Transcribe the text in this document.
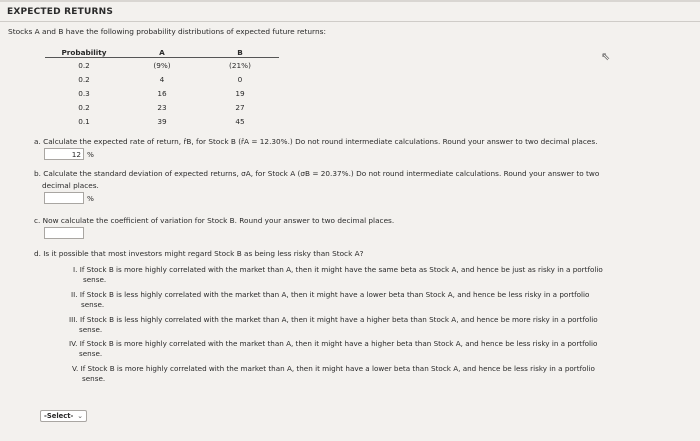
EXPECTED RETURNS
Stocks A and B have the following probability distributions of expected future returns:
Probability	A	B
0.2	(9%)	(21%)
0.2	4	0
0.3	16	19
0.2	23	27
0.1	39	45
⇖
a. Calculate the expected rate of return, r̂B, for Stock B (r̂A = 12.30%.) Do not round intermediate calculations. Round your answer to two decimal places.
12 %
b. Calculate the standard deviation of expected returns, σA, for Stock A (σB = 20.37%.) Do not round intermediate calculations. Round your answer to two
decimal places.
%
c. Now calculate the coefficient of variation for Stock B. Round your answer to two decimal places.
d. Is it possible that most investors might regard Stock B as being less risky than Stock A?
I. If Stock B is more highly correlated with the market than A, then it might have the same beta as Stock A, and hence be just as risky in a portfolio
sense.
II. If Stock B is less highly correlated with the market than A, then it might have a lower beta than Stock A, and hence be less risky in a portfolio
sense.
III. If Stock B is less highly correlated with the market than A, then it might have a higher beta than Stock A, and hence be more risky in a portfolio
sense.
IV. If Stock B is more highly correlated with the market than A, then it might have a higher beta than Stock A, and hence be less risky in a portfolio
sense.
V. If Stock B is more highly correlated with the market than A, then it might have a lower beta than Stock A, and hence be less risky in a portfolio
sense.
-Select- ⌄
